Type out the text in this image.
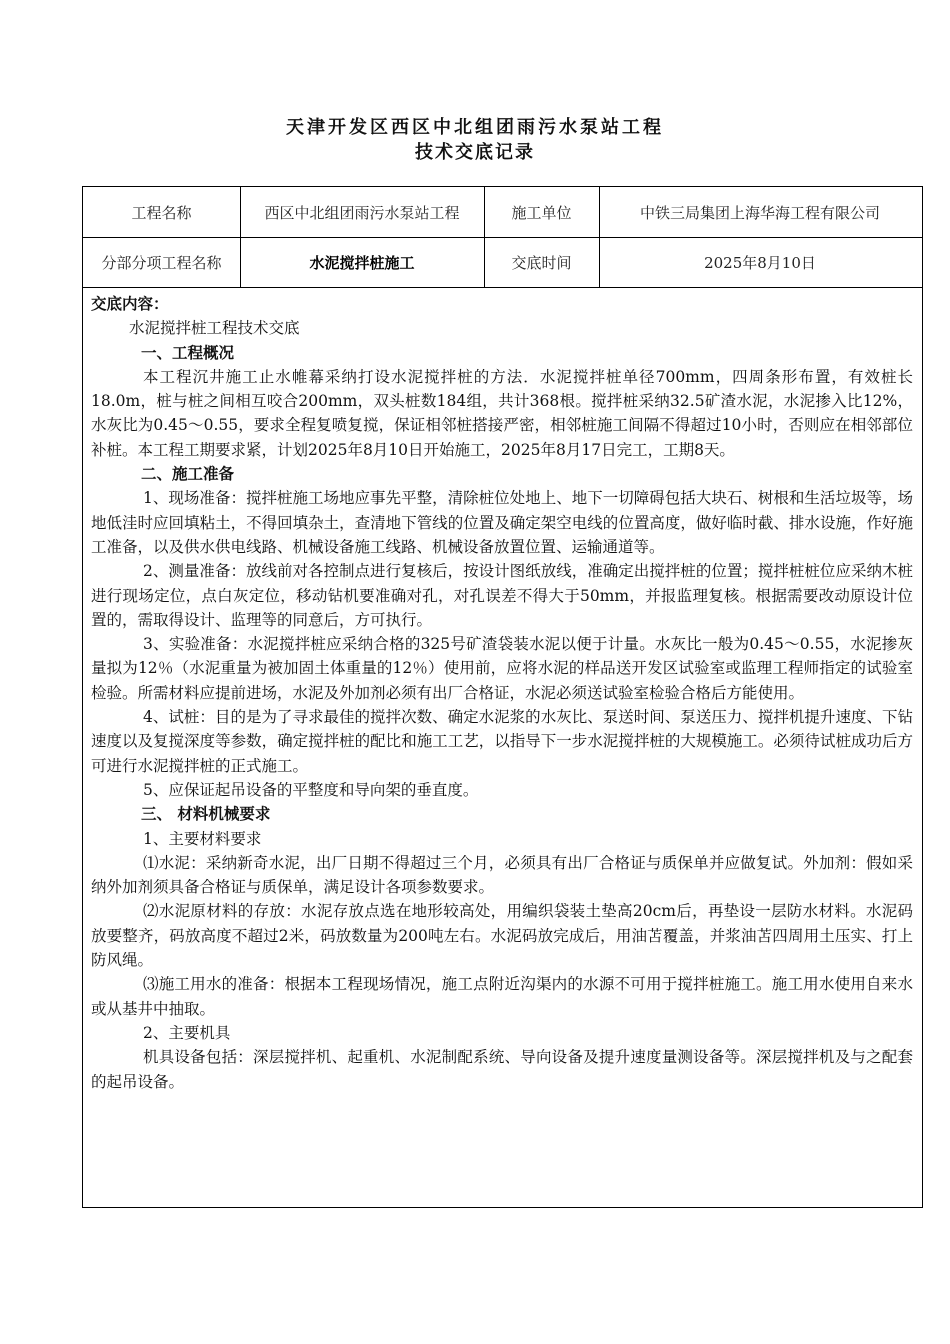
天津开发区西区中北组团雨污水泵站工程
技术交底记录
工程名称	西区中北组团雨污水泵站工程	施工单位	中铁三局集团上海华海工程有限公司
分部分项工程名称	水泥搅拌桩施工	交底时间	2025年8月10日

交底内容：

水泥搅拌桩工程技术交底

一、工程概况

本工程沉井施工止水帷幕采纳打设水泥搅拌桩的方法．水泥搅拌桩单径700mm，四周条形布置，有效桩长18.0m，桩与桩之间相互咬合200mm，双头桩数184组，共计368根。搅拌桩采纳32.5矿渣水泥，水泥掺入比12%，水灰比为0.45～0.55，要求全程复喷复搅，保证相邻桩搭接严密，相邻桩施工间隔不得超过10小时，否则应在相邻部位补桩。本工程工期要求紧，计划2025年8月10日开始施工，2025年8月17日完工，工期8天。

二、施工准备

1、现场准备：搅拌桩施工场地应事先平整，清除桩位处地上、地下一切障碍包括大块石、树根和生活垃圾等，场地低洼时应回填粘土，不得回填杂土，查清地下管线的位置及确定架空电线的位置高度，做好临时截、排水设施，作好施工准备，以及供水供电线路、机械设备施工线路、机械设备放置位置、运输通道等。

2、测量准备：放线前对各控制点进行复核后，按设计图纸放线，准确定出搅拌桩的位置；搅拌桩桩位应采纳木桩进行现场定位，点白灰定位，移动钻机要准确对孔，对孔误差不得大于50mm，并报监理复核。根据需要改动原设计位置的，需取得设计、监理等的同意后，方可执行。

3、实验准备：水泥搅拌桩应采纳合格的325号矿渣袋装水泥以便于计量。水灰比一般为0.45～0.55，水泥掺灰量拟为12％（水泥重量为被加固土体重量的12％）使用前，应将水泥的样品送开发区试验室或监理工程师指定的试验室检验。所需材料应提前进场，水泥及外加剂必须有出厂合格证，水泥必须送试验室检验合格后方能使用。

4、试桩：目的是为了寻求最佳的搅拌次数、确定水泥浆的水灰比、泵送时间、泵送压力、搅拌机提升速度、下钻速度以及复搅深度等参数，确定搅拌桩的配比和施工工艺，以指导下一步水泥搅拌桩的大规模施工。必须待试桩成功后方可进行水泥搅拌桩的正式施工。

5、应保证起吊设备的平整度和导向架的垂直度。

三、 材料机械要求

1、主要材料要求

⑴水泥：采纳新奇水泥，出厂日期不得超过三个月，必须具有出厂合格证与质保单并应做复试。外加剂：假如采纳外加剂须具备合格证与质保单，满足设计各项参数要求。

⑵水泥原材料的存放：水泥存放点选在地形较高处，用编织袋装土垫高20cm后，再垫设一层防水材料。水泥码放要整齐，码放高度不超过2米，码放数量为200吨左右。水泥码放完成后，用油苫覆盖，并浆油苫四周用土压实、打上防风绳。

⑶施工用水的准备：根据本工程现场情况，施工点附近沟渠内的水源不可用于搅拌桩施工。施工用水使用自来水或从基井中抽取。

2、主要机具

机具设备包括：深层搅拌机、起重机、水泥制配系统、导向设备及提升速度量测设备等。深层搅拌机及与之配套的起吊设备。
